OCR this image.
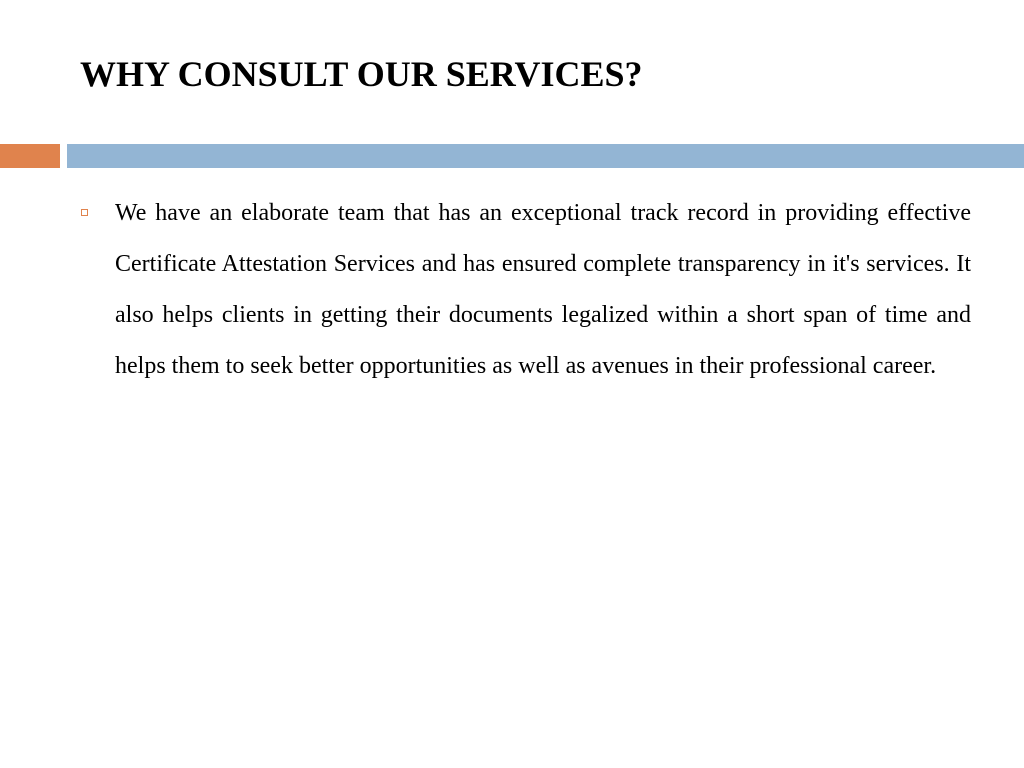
WHY CONSULT OUR SERVICES?

We have an elaborate team that has an exceptional track record in providing effective Certificate Attestation Services and has ensured complete transparency in it's services. It also helps clients in getting their documents legalized within a short span of time and helps them to seek better opportunities as well as avenues in their professional career.
